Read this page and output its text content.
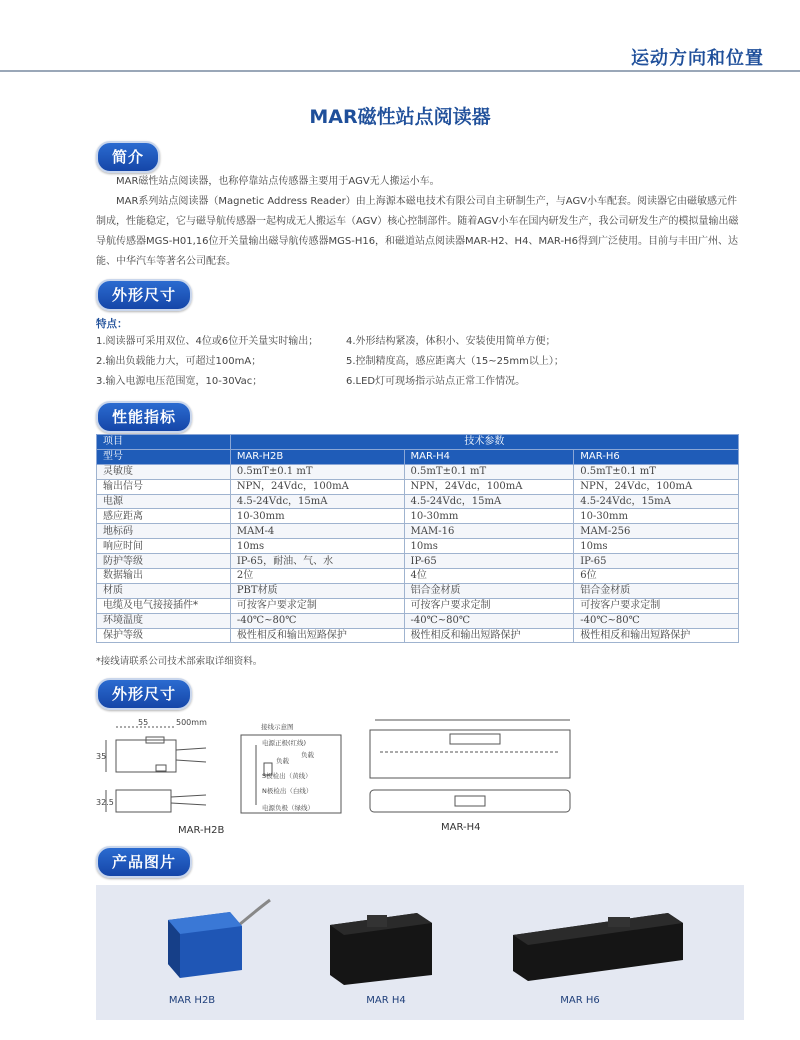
运动方向和位置
MAR磁性站点阅读器
简介

MAR磁性站点阅读器，也称停靠站点传感器主要用于AGV无人搬运小车。

MAR系列站点阅读器（Magnetic Address Reader）由上海源本磁电技术有限公司自主研制生产，与AGV小车配套。阅读器它由磁敏感元件制成，性能稳定，它与磁导航传感器一起构成无人搬运车（AGV）核心控制部件。随着AGV小车在国内研发生产，我公司研发生产的模拟量输出磁导航传感器MGS-H01,16位开关量输出磁导航传感器MGS-H16，和磁道站点阅读器MAR-H2、H4、MAR-H6得到广泛使用。目前与丰田广州、达能、中华汽车等著名公司配套。

外形尺寸
特点：
1.阅读器可采用双位、4位或6位开关量实时输出；
2.输出负载能力大，可超过100mA；
3.输入电源电压范围宽，10-30Vac；
4.外形结构紧凑，体积小、安装使用简单方便；
5.控制精度高，感应距离大（15~25mm以上）；
6.LED灯可现场指示站点正常工作情况。
性能指标
项目	技术参数		
型号	MAR-H2B	MAR-H4	MAR-H6
灵敏度	0.5mT±0.1 mT	0.5mT±0.1 mT	0.5mT±0.1 mT
输出信号	NPN，24Vdc，100mA	NPN，24Vdc，100mA	NPN，24Vdc，100mA
电源	4.5-24Vdc，15mA	4.5-24Vdc，15mA	4.5-24Vdc，15mA
感应距离	10-30mm	10-30mm	10-30mm
地标码	MAM-4	MAM-16	MAM-256
响应时间	10ms	10ms	10ms
防护等级	IP-65，耐油、气、水	IP-65	IP-65
数据输出	2位	4位	6位
材质	PBT材质	铝合金材质	铝合金材质
电缆及电气接接插件*	可按客户要求定制	可按客户要求定制	可按客户要求定制
环境温度	-40℃~80℃	-40℃~80℃	-40℃~80℃
保护等级	极性相反和输出短路保护	极性相反和输出短路保护	极性相反和输出短路保护
*接线请联系公司技术部索取详细资料。
外形尺寸
55	500mm
35
32.5
接线示意图
电源正极(红线)
负载
负载
S极检出（黄线）
N极检出（白线）
电源负极（绿线）
MAR-H2B	MAR-H4
产品图片
MAR H2B	MAR H4	MAR H6
